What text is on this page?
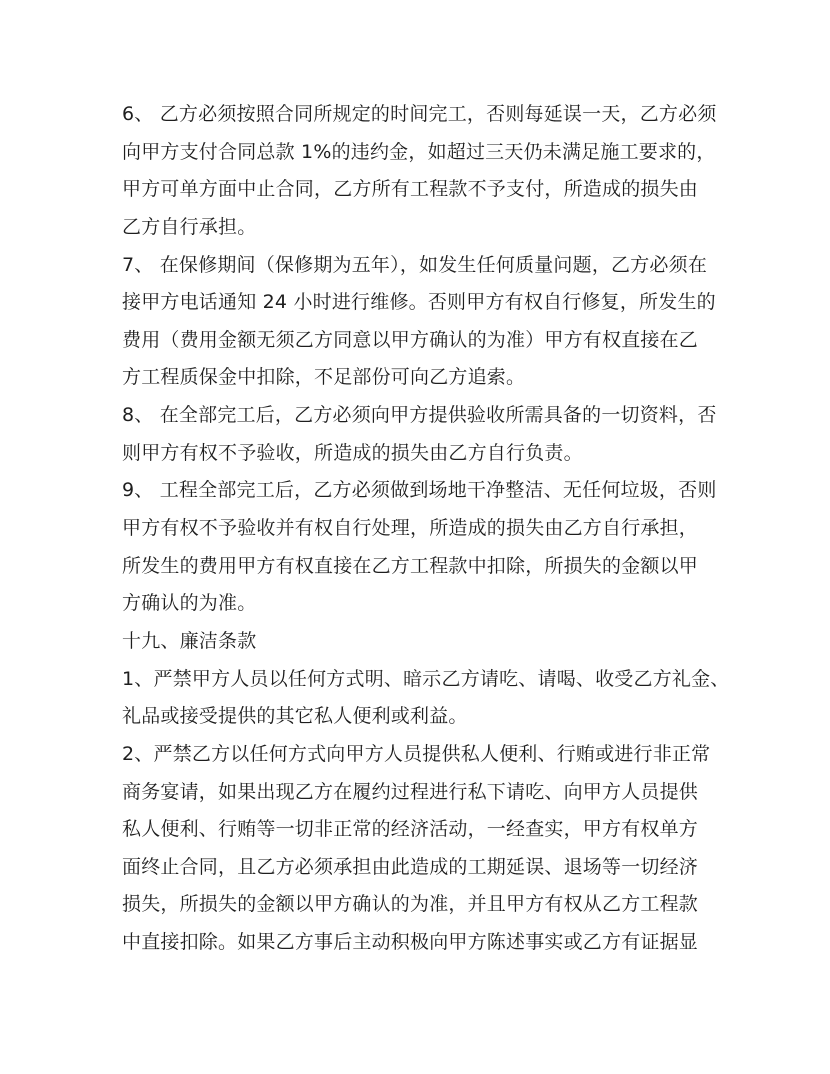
6、 乙方必须按照合同所规定的时间完工，否则每延误一天，乙方必须
向甲方支付合同总款 1%的违约金，如超过三天仍未满足施工要求的，
甲方可单方面中止合同，乙方所有工程款不予支付，所造成的损失由
乙方自行承担。
7、 在保修期间（保修期为五年），如发生任何质量问题，乙方必须在
接甲方电话通知 24 小时进行维修。否则甲方有权自行修复，所发生的
费用（费用金额无须乙方同意以甲方确认的为准）甲方有权直接在乙
方工程质保金中扣除，不足部份可向乙方追索。
8、 在全部完工后，乙方必须向甲方提供验收所需具备的一切资料，否
则甲方有权不予验收，所造成的损失由乙方自行负责。
9、 工程全部完工后，乙方必须做到场地干净整洁、无任何垃圾，否则
甲方有权不予验收并有权自行处理，所造成的损失由乙方自行承担，
所发生的费用甲方有权直接在乙方工程款中扣除，所损失的金额以甲
方确认的为准。
十九、廉洁条款
1、严禁甲方人员以任何方式明、暗示乙方请吃、请喝、收受乙方礼金、
礼品或接受提供的其它私人便利或利益。
2、严禁乙方以任何方式向甲方人员提供私人便利、行贿或进行非正常
商务宴请，如果出现乙方在履约过程进行私下请吃、向甲方人员提供
私人便利、行贿等一切非正常的经济活动，一经查实，甲方有权单方
面终止合同，且乙方必须承担由此造成的工期延误、退场等一切经济
损失，所损失的金额以甲方确认的为准，并且甲方有权从乙方工程款
中直接扣除。如果乙方事后主动积极向甲方陈述事实或乙方有证据显
